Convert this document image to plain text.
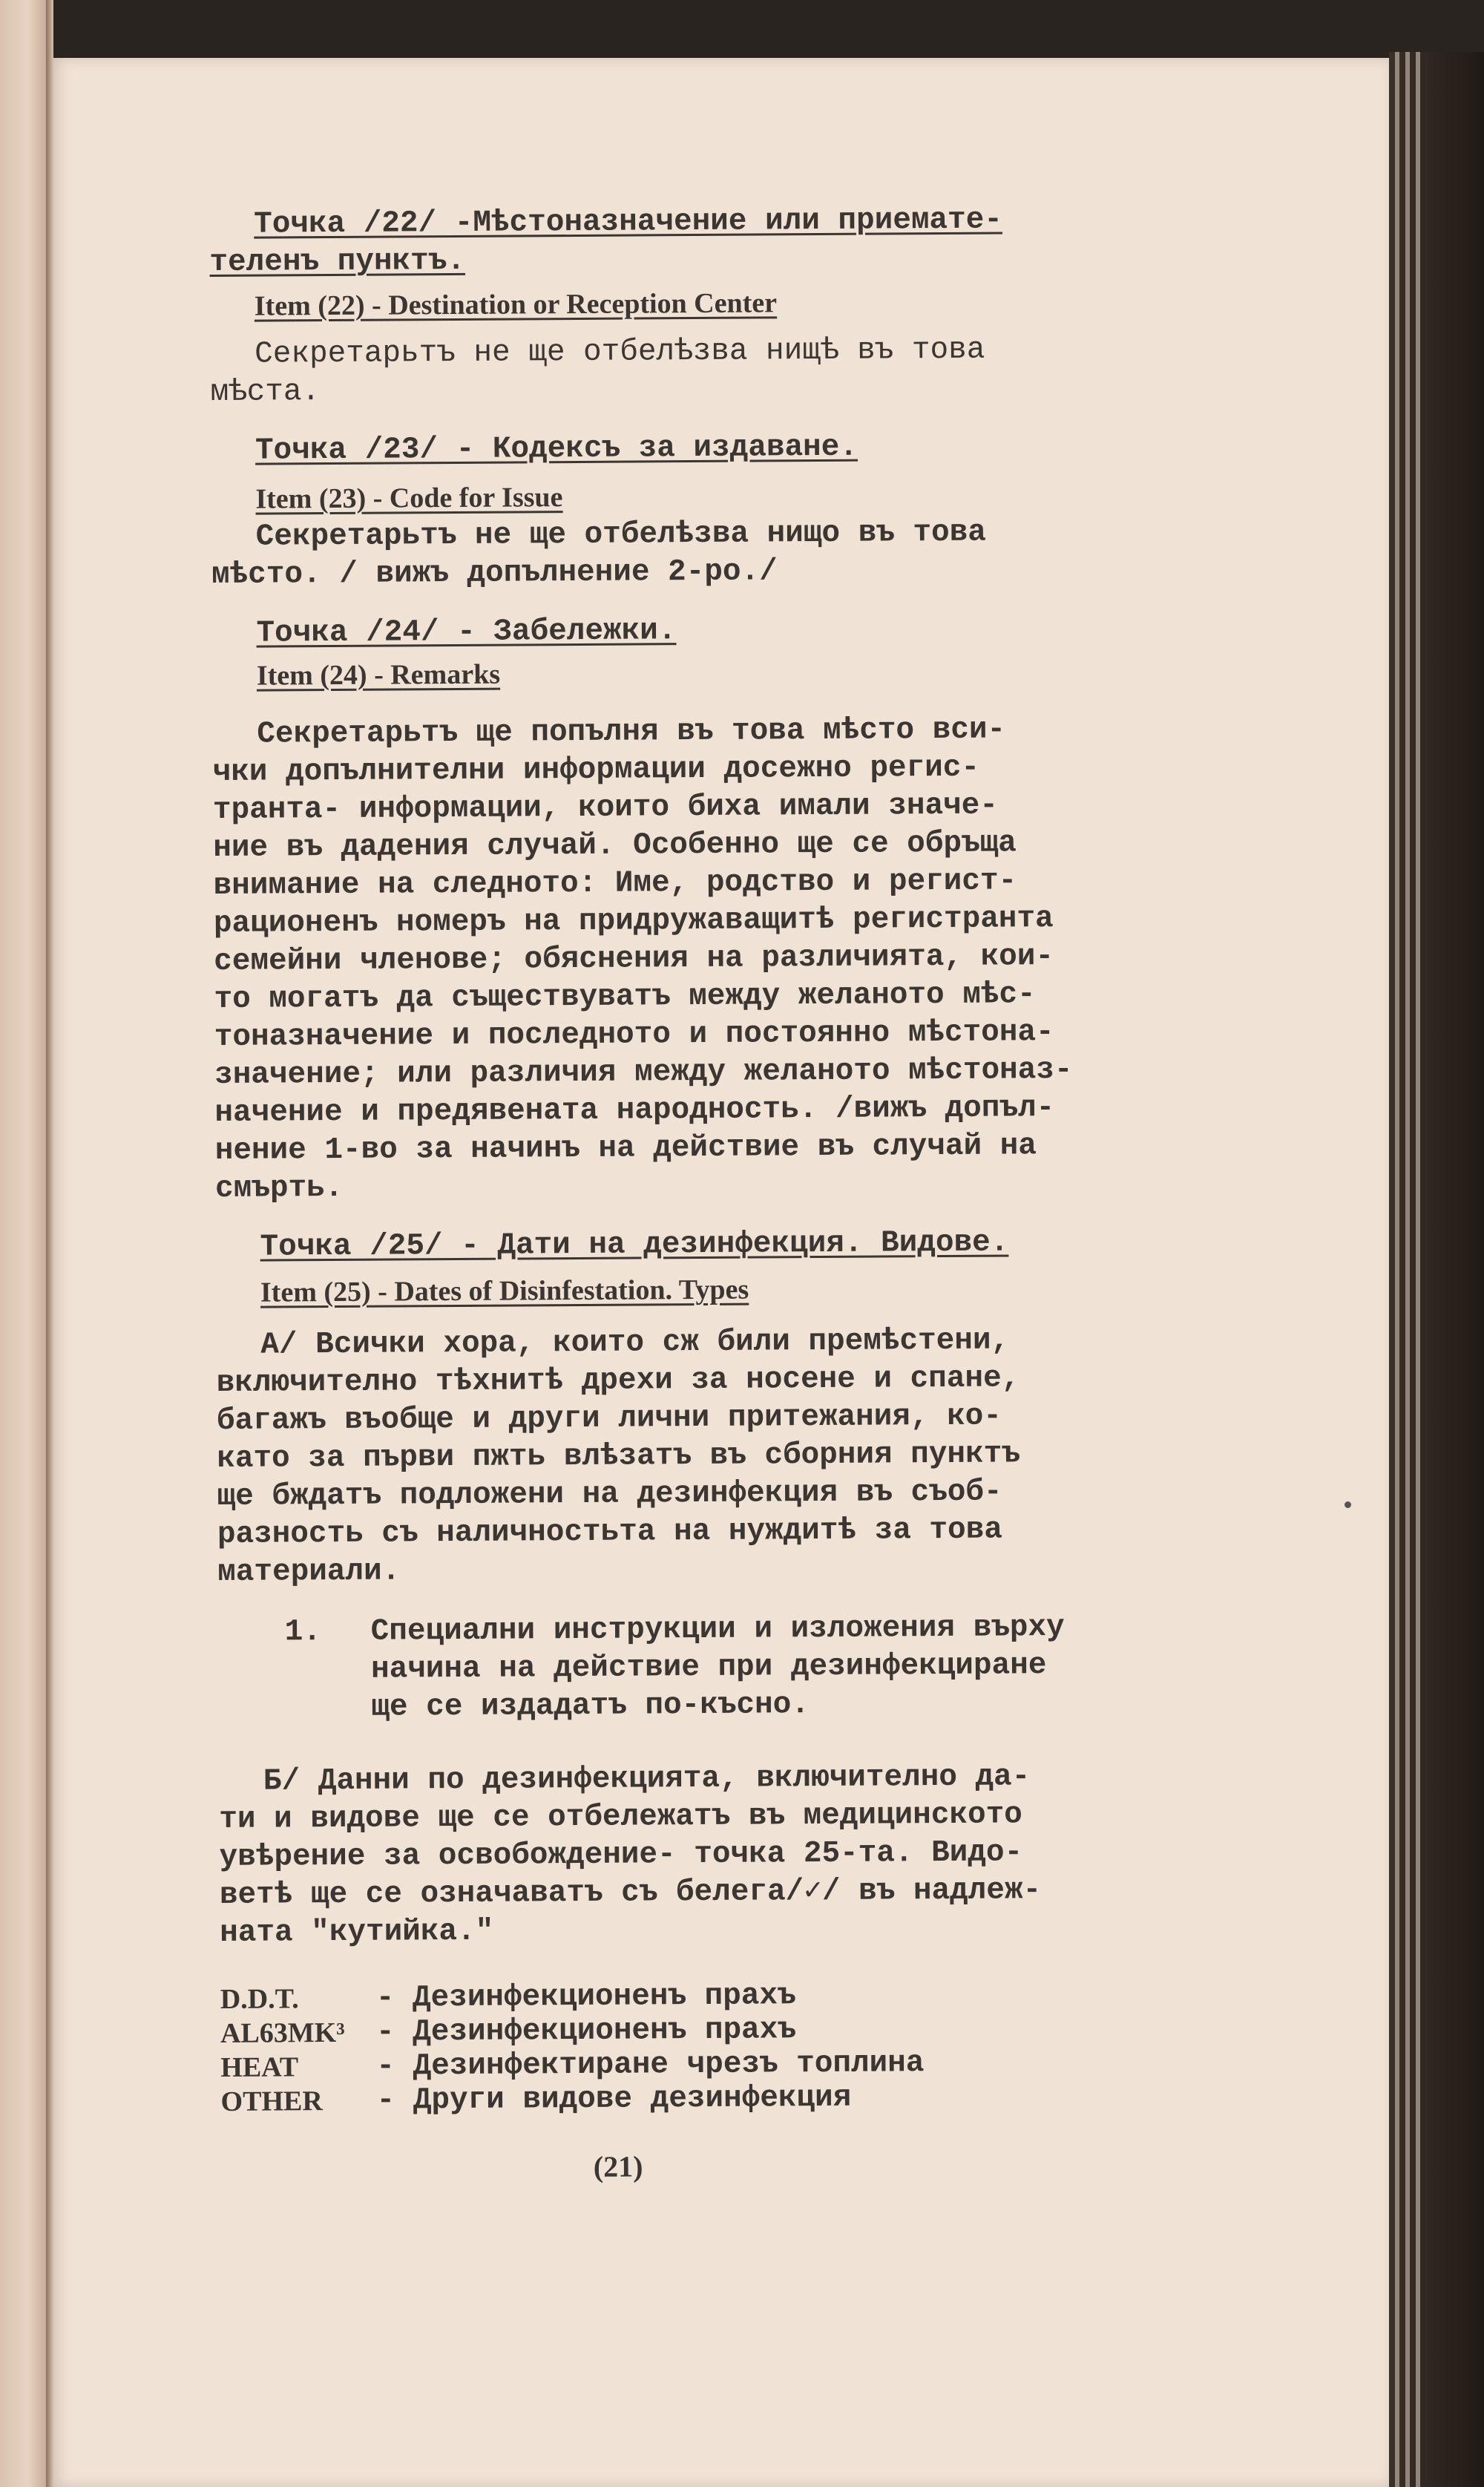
Точка /22/ -Мѣстоназначение или приемате-
теленъ пунктъ.
Item (22) - Destination or Reception Center
Секретарьтъ не ще отбелѣзва нищѣ въ това
мѣста.
Точка /23/ - Кодексъ за издаване.
Item (23) - Code for Issue
Секретарьтъ не ще отбелѣзва нищо въ това
мѣсто. / вижъ допълнение 2-ро./
Точка /24/ - Забележки.
Item (24) - Remarks
Секретарьтъ ще попълня въ това мѣсто вси-
чки допълнителни информации досежно регис-
транта- информации, които биха имали значе-
ние въ дадения случай. Особенно ще се обръща
внимание на следното: Име, родство и регист-
рационенъ номеръ на придружаващитѣ регистранта
семейни членове; обяснения на различията, кои-
то могатъ да съществуватъ между желаното мѣс-
тоназначение и последното и постоянно мѣстона-
значение; или различия между желаното мѣстоназ-
начение и предявената народность. /вижъ допъл-
нение 1-во за начинъ на действие въ случай на
смърть.
Точка /25/ - Дати на дезинфекция. Видове.
Item (25) - Dates of Disinfestation. Types
А/ Всички хора, които сж били премѣстени,
включително тѣхнитѣ дрехи за носене и спане,
багажъ въобще и други лични притежания, ко-
като за първи пжть влѣзатъ въ сборния пунктъ
ще бждатъ подложени на дезинфекция въ съоб-
разность съ наличностьта на нуждитѣ за това
материали.
1.	Специални инструкции и изложения върху
начина на действие при дезинфекциране
ще се издадатъ по-късно.
Б/ Данни по дезинфекцията, включително да-
ти и видове ще се отбележатъ въ медицинското
увѣрение за освобождение- точка 25-та. Видо-
ветѣ ще се означаватъ съ белега/✓/ въ надлеж-
ната "кутийка."
D.D.T.	- Дезинфекционенъ прахъ
AL63MK³	- Дезинфекционенъ прахъ
HEAT	- Дезинфектиране чрезъ топлина
OTHER	- Други видове дезинфекция
(21)
